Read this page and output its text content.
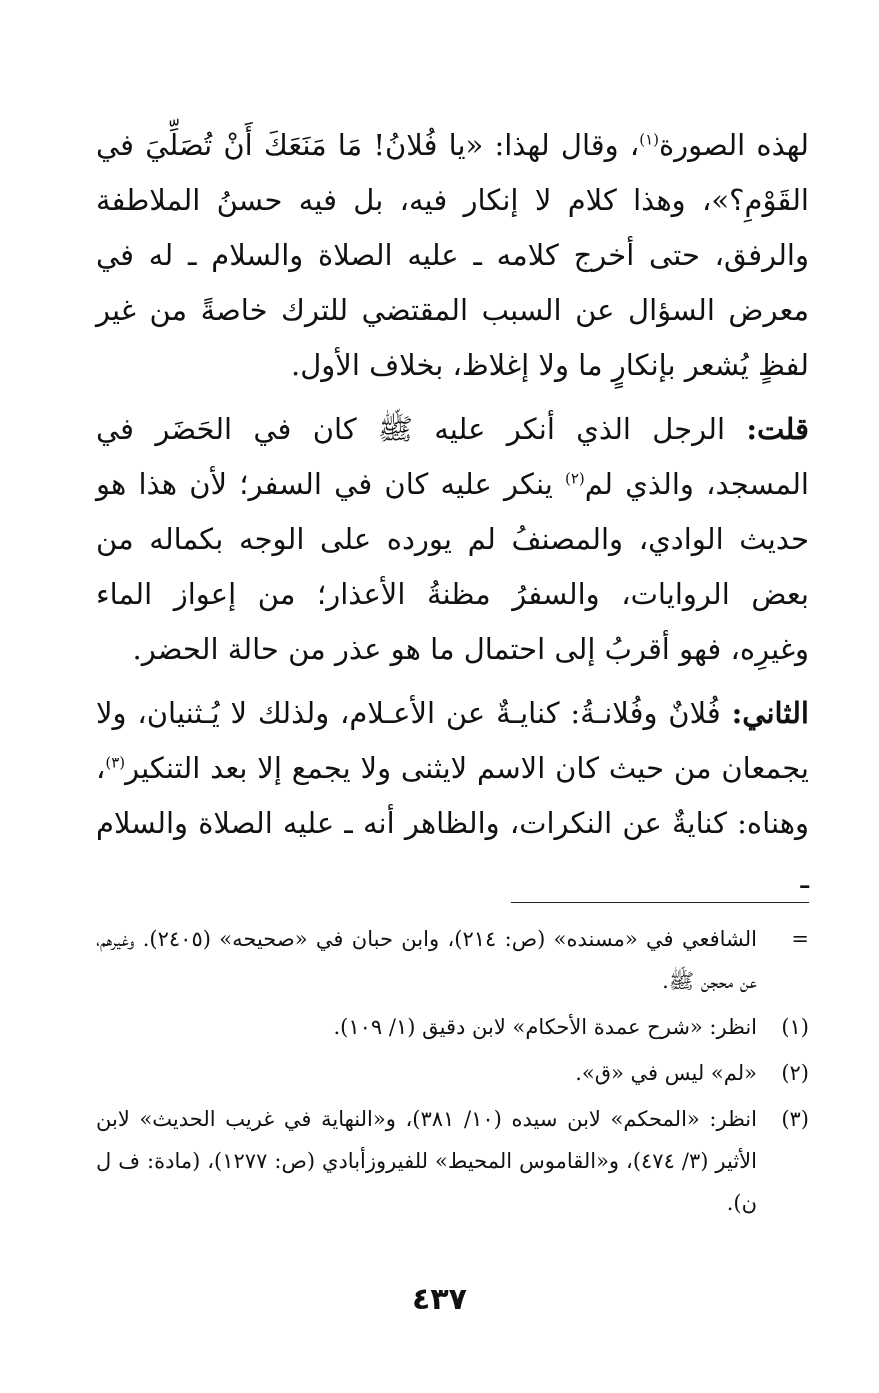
لهذه الصورة$^{(١)}$، وقال لهذا: «يا فُلانُ! مَا مَنَعَكَ أَنْ تُصَلِّيَ في القَوْمِ؟»، وهذا كلام لا إنكار فيه، بل فيه حسنُ الملاطفة والرفق، حتى أخرج كلامه ـ عليه الصلاة والسلام ـ له في معرض السؤال عن السبب المقتضي للترك خاصةً من غير لفظٍ يُشعر بإنكارٍ ما ولا إغلاظ، بخلاف الأول.

قلت: الرجل الذي أنكر عليه ﷺ كان في الحَضَر في المسجد، والذي لم$^{(٢)}$ ينكر عليه كان في السفر؛ لأن هذا هو حديث الوادي، والمصنفُ لم يورده على الوجه بكماله من بعض الروايات، والسفرُ مظنةُ الأعذار؛ من إعواز الماء وغيرِه، فهو أقربُ إلى احتمال ما هو عذر من حالة الحضر.

الثاني: فُلانٌ وفُلانـةُ: كنايـةٌ عن الأعـلام، ولذلك لا يُـثنيان، ولا يجمعان من حيث كان الاسم لايثنى ولا يجمع إلا بعد التنكير$^{(٣)}$، وهناه: كنايةٌ عن النكرات، والظاهر أنه ـ عليه الصلاة والسلام ـ

=
الشافعي في «مسنده» (ص: ٢١٤)، وابن حبان في «صحيحه» (٢٤٠٥). وغيرهم، عن محجن ﷺ.
(١)
انظر: «شرح عمدة الأحكام» لابن دقيق (١/ ١٠٩).
(٢)
«لم» ليس في «ق».
(٣)
انظر: «المحكم» لابن سيده (١٠/ ٣٨١)، و«النهاية في غريب الحديث» لابن الأثير (٣/ ٤٧٤)، و«القاموس المحيط» للفيروزأبادي (ص: ١٢٧٧)، (مادة: ف ل ن).
٤٣٧
